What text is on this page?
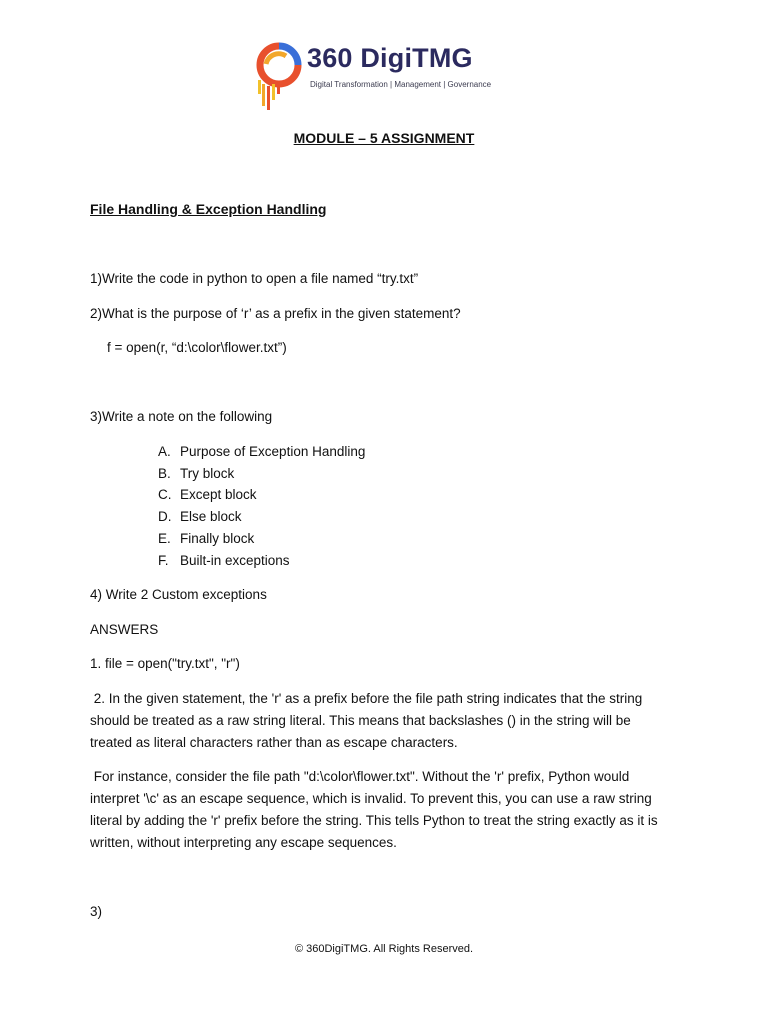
360 DigiTMG
Digital Transformation | Management | Governance
MODULE – 5 ASSIGNMENT
File Handling & Exception Handling
1)Write the code in python to open a file named “try.txt”
2)What is the purpose of ‘r’ as a prefix in the given statement?
f = open(r, “d:\color\flower.txt”)
3)Write a note on the following
A. Purpose of Exception Handling
B. Try block
C. Except block
D. Else block
E. Finally block
F. Built-in exceptions
4) Write 2 Custom exceptions
ANSWERS
1. file = open("try.txt", "r")
2. In the given statement, the 'r' as a prefix before the file path string indicates that the string should be treated as a raw string literal. This means that backslashes () in the string will be treated as literal characters rather than as escape characters.
For instance, consider the file path "d:\color\flower.txt". Without the 'r' prefix, Python would interpret '\c' as an escape sequence, which is invalid. To prevent this, you can use a raw string literal by adding the 'r' prefix before the string. This tells Python to treat the string exactly as it is written, without interpreting any escape sequences.
3)
© 360DigiTMG. All Rights Reserved.
